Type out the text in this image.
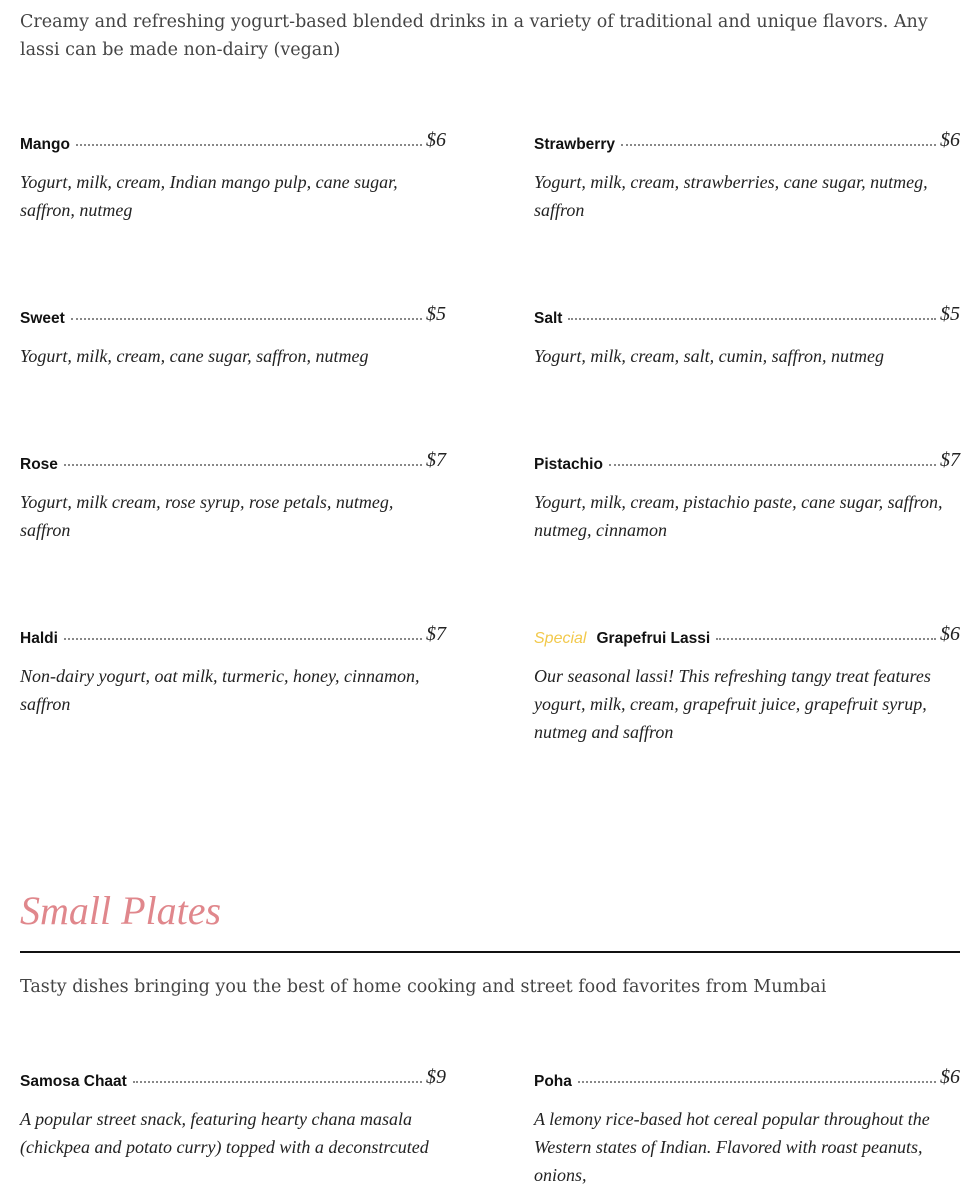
Creamy and refreshing yogurt-based blended drinks in a variety of traditional and unique flavors. Any lassi can be made non-dairy (vegan)
Mango	$6
Yogurt, milk, cream, Indian mango pulp, cane sugar, saffron, nutmeg
Strawberry	$6
Yogurt, milk, cream, strawberries, cane sugar, nutmeg, saffron
Sweet	$5
Yogurt, milk, cream, cane sugar, saffron, nutmeg
Salt	$5
Yogurt, milk, cream, salt, cumin, saffron, nutmeg
Rose	$7
Yogurt, milk cream, rose syrup, rose petals, nutmeg, saffron
Pistachio	$7
Yogurt, milk, cream, pistachio paste, cane sugar, saffron, nutmeg, cinnamon
Haldi	$7
Non-dairy yogurt, oat milk, turmeric, honey, cinnamon, saffron
Special Grapefrui Lassi	$6
Our seasonal lassi! This refreshing tangy treat features yogurt, milk, cream, grapefruit juice, grapefruit syrup, nutmeg and saffron
Small Plates
Tasty dishes bringing you the best of home cooking and street food favorites from Mumbai
Samosa Chaat	$9
A popular street snack, featuring hearty chana masala (chickpea and potato curry) topped with a deconstrcuted
Poha	$6
A lemony rice-based hot cereal popular throughout the Western states of Indian. Flavored with roast peanuts, onions,
